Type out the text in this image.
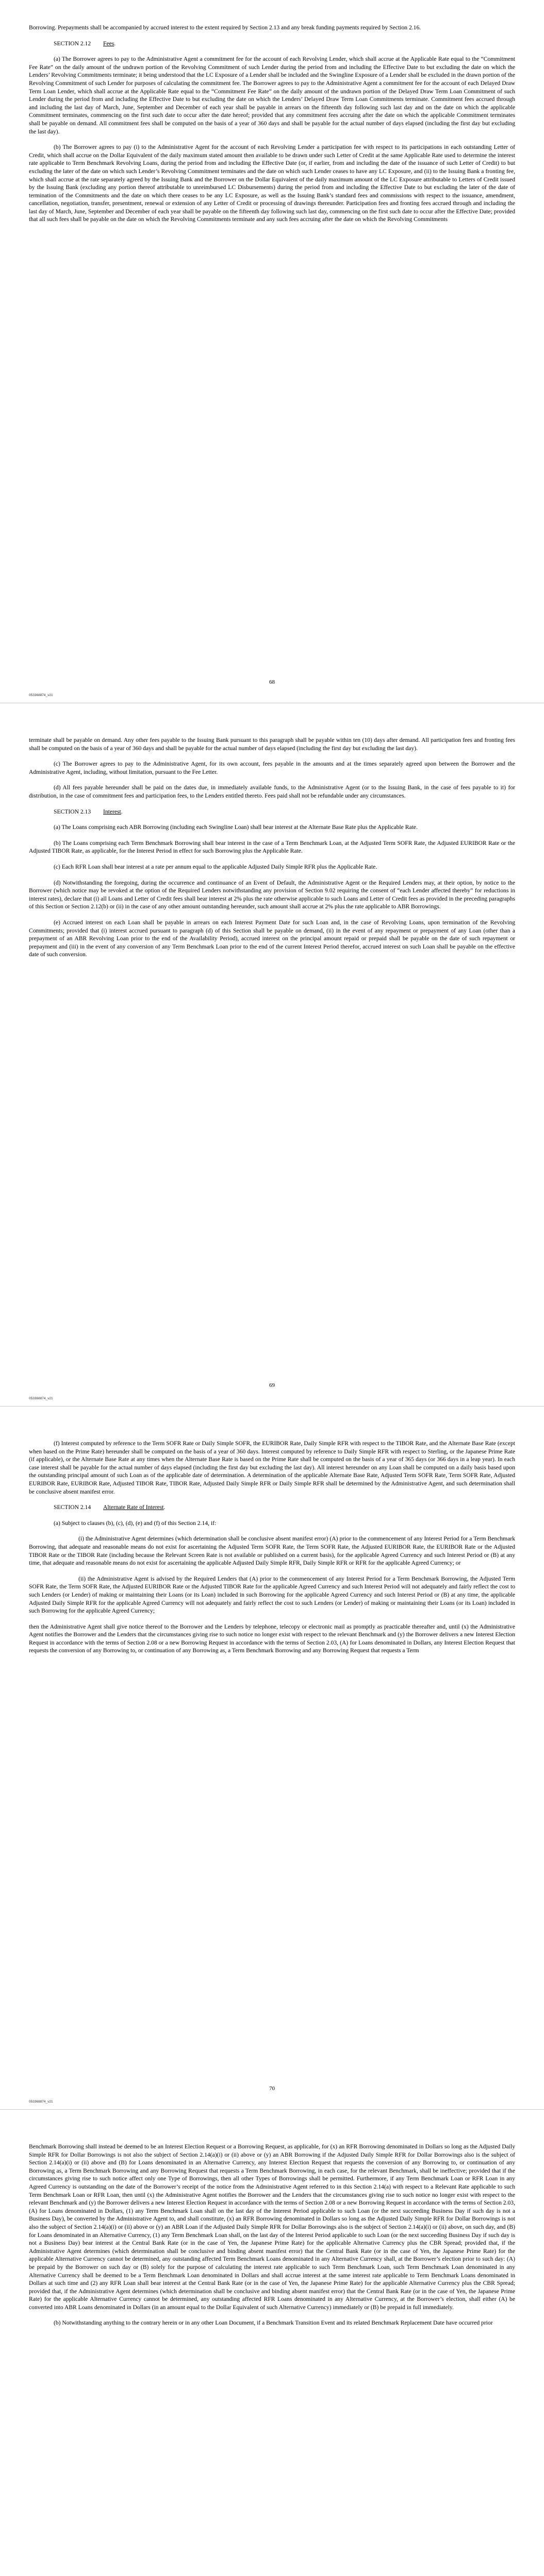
Borrowing. Prepayments shall be accompanied by accrued interest to the extent required by Section 2.13 and any break funding payments required by Section 2.16.

SECTION 2.12 Fees.

(a) The Borrower agrees to pay to the Administrative Agent a commitment fee for the account of each Revolving Lender, which shall accrue at the Applicable Rate equal to the “Commitment Fee Rate” on the daily amount of the undrawn portion of the Revolving Commitment of such Lender during the period from and including the Effective Date to but excluding the date on which the Lenders’ Revolving Commitments terminate; it being understood that the LC Exposure of a Lender shall be included and the Swingline Exposure of a Lender shall be excluded in the drawn portion of the Revolving Commitment of such Lender for purposes of calculating the commitment fee. The Borrower agrees to pay to the Administrative Agent a commitment fee for the account of each Delayed Draw Term Loan Lender, which shall accrue at the Applicable Rate equal to the “Commitment Fee Rate” on the daily amount of the undrawn portion of the Delayed Draw Term Loan Commitment of such Lender during the period from and including the Effective Date to but excluding the date on which the Lenders’ Delayed Draw Term Loan Commitments terminate. Commitment fees accrued through and including the last day of March, June, September and December of each year shall be payable in arrears on the fifteenth day following such last day and on the date on which the applicable Commitment terminates, commencing on the first such date to occur after the date hereof; provided that any commitment fees accruing after the date on which the applicable Commitment terminates shall be payable on demand. All commitment fees shall be computed on the basis of a year of 360 days and shall be payable for the actual number of days elapsed (including the first day but excluding the last day).

(b) The Borrower agrees to pay (i) to the Administrative Agent for the account of each Revolving Lender a participation fee with respect to its participations in each outstanding Letter of Credit, which shall accrue on the Dollar Equivalent of the daily maximum stated amount then available to be drawn under such Letter of Credit at the same Applicable Rate used to determine the interest rate applicable to Term Benchmark Revolving Loans, during the period from and including the Effective Date (or, if earlier, from and including the date of the issuance of such Letter of Credit) to but excluding the later of the date on which such Lender’s Revolving Commitment terminates and the date on which such Lender ceases to have any LC Exposure, and (ii) to the Issuing Bank a fronting fee, which shall accrue at the rate separately agreed by the Issuing Bank and the Borrower on the Dollar Equivalent of the daily maximum amount of the LC Exposure attributable to Letters of Credit issued by the Issuing Bank (excluding any portion thereof attributable to unreimbursed LC Disbursements) during the period from and including the Effective Date to but excluding the later of the date of termination of the Commitments and the date on which there ceases to be any LC Exposure, as well as the Issuing Bank’s standard fees and commissions with respect to the issuance, amendment, cancellation, negotiation, transfer, presentment, renewal or extension of any Letter of Credit or processing of drawings thereunder. Participation fees and fronting fees accrued through and including the last day of March, June, September and December of each year shall be payable on the fifteenth day following such last day, commencing on the first such date to occur after the Effective Date; provided that all such fees shall be payable on the date on which the Revolving Commitments terminate and any such fees accruing after the date on which the Revolving Commitments

68
053368874_v21

terminate shall be payable on demand. Any other fees payable to the Issuing Bank pursuant to this paragraph shall be payable within ten (10) days after demand. All participation fees and fronting fees shall be computed on the basis of a year of 360 days and shall be payable for the actual number of days elapsed (including the first day but excluding the last day).

(c) The Borrower agrees to pay to the Administrative Agent, for its own account, fees payable in the amounts and at the times separately agreed upon between the Borrower and the Administrative Agent, including, without limitation, pursuant to the Fee Letter.

(d) All fees payable hereunder shall be paid on the dates due, in immediately available funds, to the Administrative Agent (or to the Issuing Bank, in the case of fees payable to it) for distribution, in the case of commitment fees and participation fees, to the Lenders entitled thereto. Fees paid shall not be refundable under any circumstances.

SECTION 2.13 Interest.

(a) The Loans comprising each ABR Borrowing (including each Swingline Loan) shall bear interest at the Alternate Base Rate plus the Applicable Rate.

(b) The Loans comprising each Term Benchmark Borrowing shall bear interest in the case of a Term Benchmark Loan, at the Adjusted Term SOFR Rate, the Adjusted EURIBOR Rate or the Adjusted TIBOR Rate, as applicable, for the Interest Period in effect for such Borrowing plus the Applicable Rate.

(c) Each RFR Loan shall bear interest at a rate per annum equal to the applicable Adjusted Daily Simple RFR plus the Applicable Rate.

(d) Notwithstanding the foregoing, during the occurrence and continuance of an Event of Default, the Administrative Agent or the Required Lenders may, at their option, by notice to the Borrower (which notice may be revoked at the option of the Required Lenders notwithstanding any provision of Section 9.02 requiring the consent of “each Lender affected thereby” for reductions in interest rates), declare that (i) all Loans and Letter of Credit fees shall bear interest at 2% plus the rate otherwise applicable to such Loans and Letter of Credit fees as provided in the preceding paragraphs of this Section or Section 2.12(b) or (ii) in the case of any other amount outstanding hereunder, such amount shall accrue at 2% plus the rate applicable to ABR Borrowings.

(e) Accrued interest on each Loan shall be payable in arrears on each Interest Payment Date for such Loan and, in the case of Revolving Loans, upon termination of the Revolving Commitments; provided that (i) interest accrued pursuant to paragraph (d) of this Section shall be payable on demand, (ii) in the event of any repayment or prepayment of any Loan (other than a prepayment of an ABR Revolving Loan prior to the end of the Availability Period), accrued interest on the principal amount repaid or prepaid shall be payable on the date of such repayment or prepayment and (iii) in the event of any conversion of any Term Benchmark Loan prior to the end of the current Interest Period therefor, accrued interest on such Loan shall be payable on the effective date of such conversion.

69
053368874_v21

(f) Interest computed by reference to the Term SOFR Rate or Daily Simple SOFR, the EURIBOR Rate, Daily Simple RFR with respect to the TIBOR Rate, and the Alternate Base Rate (except when based on the Prime Rate) hereunder shall be computed on the basis of a year of 360 days. Interest computed by reference to Daily Simple RFR with respect to Sterling, or the Japanese Prime Rate (if applicable), or the Alternate Base Rate at any times when the Alternate Base Rate is based on the Prime Rate shall be computed on the basis of a year of 365 days (or 366 days in a leap year). In each case interest shall be payable for the actual number of days elapsed (including the first day but excluding the last day). All interest hereunder on any Loan shall be computed on a daily basis based upon the outstanding principal amount of such Loan as of the applicable date of determination. A determination of the applicable Alternate Base Rate, Adjusted Term SOFR Rate, Term SOFR Rate, Adjusted EURIBOR Rate, EURIBOR Rate, Adjusted TIBOR Rate, TIBOR Rate, Adjusted Daily Simple RFR or Daily Simple RFR shall be determined by the Administrative Agent, and such determination shall be conclusive absent manifest error.

SECTION 2.14 Alternate Rate of Interest.

(a) Subject to clauses (b), (c), (d), (e) and (f) of this Section 2.14, if:

(i) the Administrative Agent determines (which determination shall be conclusive absent manifest error) (A) prior to the commencement of any Interest Period for a Term Benchmark Borrowing, that adequate and reasonable means do not exist for ascertaining the Adjusted Term SOFR Rate, the Term SOFR Rate, the Adjusted EURIBOR Rate, the EURIBOR Rate or the Adjusted TIBOR Rate or the TIBOR Rate (including because the Relevant Screen Rate is not available or published on a current basis), for the applicable Agreed Currency and such Interest Period or (B) at any time, that adequate and reasonable means do not exist for ascertaining the applicable Adjusted Daily Simple RFR, Daily Simple RFR or RFR for the applicable Agreed Currency; or

(ii) the Administrative Agent is advised by the Required Lenders that (A) prior to the commencement of any Interest Period for a Term Benchmark Borrowing, the Adjusted Term SOFR Rate, the Term SOFR Rate, the Adjusted EURIBOR Rate or the Adjusted TIBOR Rate for the applicable Agreed Currency and such Interest Period will not adequately and fairly reflect the cost to such Lenders (or Lender) of making or maintaining their Loans (or its Loan) included in such Borrowing for the applicable Agreed Currency and such Interest Period or (B) at any time, the applicable Adjusted Daily Simple RFR for the applicable Agreed Currency will not adequately and fairly reflect the cost to such Lenders (or Lender) of making or maintaining their Loans (or its Loan) included in such Borrowing for the applicable Agreed Currency;

then the Administrative Agent shall give notice thereof to the Borrower and the Lenders by telephone, telecopy or electronic mail as promptly as practicable thereafter and, until (x) the Administrative Agent notifies the Borrower and the Lenders that the circumstances giving rise to such notice no longer exist with respect to the relevant Benchmark and (y) the Borrower delivers a new Interest Election Request in accordance with the terms of Section 2.08 or a new Borrowing Request in accordance with the terms of Section 2.03, (A) for Loans denominated in Dollars, any Interest Election Request that requests the conversion of any Borrowing to, or continuation of any Borrowing as, a Term Benchmark Borrowing and any Borrowing Request that requests a Term

70
053368874_v21

Benchmark Borrowing shall instead be deemed to be an Interest Election Request or a Borrowing Request, as applicable, for (x) an RFR Borrowing denominated in Dollars so long as the Adjusted Daily Simple RFR for Dollar Borrowings is not also the subject of Section 2.14(a)(i) or (ii) above or (y) an ABR Borrowing if the Adjusted Daily Simple RFR for Dollar Borrowings also is the subject of Section 2.14(a)(i) or (ii) above and (B) for Loans denominated in an Alternative Currency, any Interest Election Request that requests the conversion of any Borrowing to, or continuation of any Borrowing as, a Term Benchmark Borrowing and any Borrowing Request that requests a Term Benchmark Borrowing, in each case, for the relevant Benchmark, shall be ineffective; provided that if the circumstances giving rise to such notice affect only one Type of Borrowings, then all other Types of Borrowings shall be permitted. Furthermore, if any Term Benchmark Loan or RFR Loan in any Agreed Currency is outstanding on the date of the Borrower’s receipt of the notice from the Administrative Agent referred to in this Section 2.14(a) with respect to a Relevant Rate applicable to such Term Benchmark Loan or RFR Loan, then until (x) the Administrative Agent notifies the Borrower and the Lenders that the circumstances giving rise to such notice no longer exist with respect to the relevant Benchmark and (y) the Borrower delivers a new Interest Election Request in accordance with the terms of Section 2.08 or a new Borrowing Request in accordance with the terms of Section 2.03, (A) for Loans denominated in Dollars, (1) any Term Benchmark Loan shall on the last day of the Interest Period applicable to such Loan (or the next succeeding Business Day if such day is not a Business Day), be converted by the Administrative Agent to, and shall constitute, (x) an RFR Borrowing denominated in Dollars so long as the Adjusted Daily Simple RFR for Dollar Borrowings is not also the subject of Section 2.14(a)(i) or (ii) above or (y) an ABR Loan if the Adjusted Daily Simple RFR for Dollar Borrowings also is the subject of Section 2.14(a)(i) or (ii) above, on such day, and (B) for Loans denominated in an Alternative Currency, (1) any Term Benchmark Loan shall, on the last day of the Interest Period applicable to such Loan (or the next succeeding Business Day if such day is not a Business Day) bear interest at the Central Bank Rate (or in the case of Yen, the Japanese Prime Rate) for the applicable Alternative Currency plus the CBR Spread; provided that, if the Administrative Agent determines (which determination shall be conclusive and binding absent manifest error) that the Central Bank Rate (or in the case of Yen, the Japanese Prime Rate) for the applicable Alternative Currency cannot be determined, any outstanding affected Term Benchmark Loans denominated in any Alternative Currency shall, at the Borrower’s election prior to such day: (A) be prepaid by the Borrower on such day or (B) solely for the purpose of calculating the interest rate applicable to such Term Benchmark Loan, such Term Benchmark Loan denominated in any Alternative Currency shall be deemed to be a Term Benchmark Loan denominated in Dollars and shall accrue interest at the same interest rate applicable to Term Benchmark Loans denominated in Dollars at such time and (2) any RFR Loan shall bear interest at the Central Bank Rate (or in the case of Yen, the Japanese Prime Rate) for the applicable Alternative Currency plus the CBR Spread; provided that, if the Administrative Agent determines (which determination shall be conclusive and binding absent manifest error) that the Central Bank Rate (or in the case of Yen, the Japanese Prime Rate) for the applicable Alternative Currency cannot be determined, any outstanding affected RFR Loans denominated in any Alternative Currency, at the Borrower’s election, shall either (A) be converted into ABR Loans denominated in Dollars (in an amount equal to the Dollar Equivalent of such Alternative Currency) immediately or (B) be prepaid in full immediately.

(b) Notwithstanding anything to the contrary herein or in any other Loan Document, if a Benchmark Transition Event and its related Benchmark Replacement Date have occurred prior
